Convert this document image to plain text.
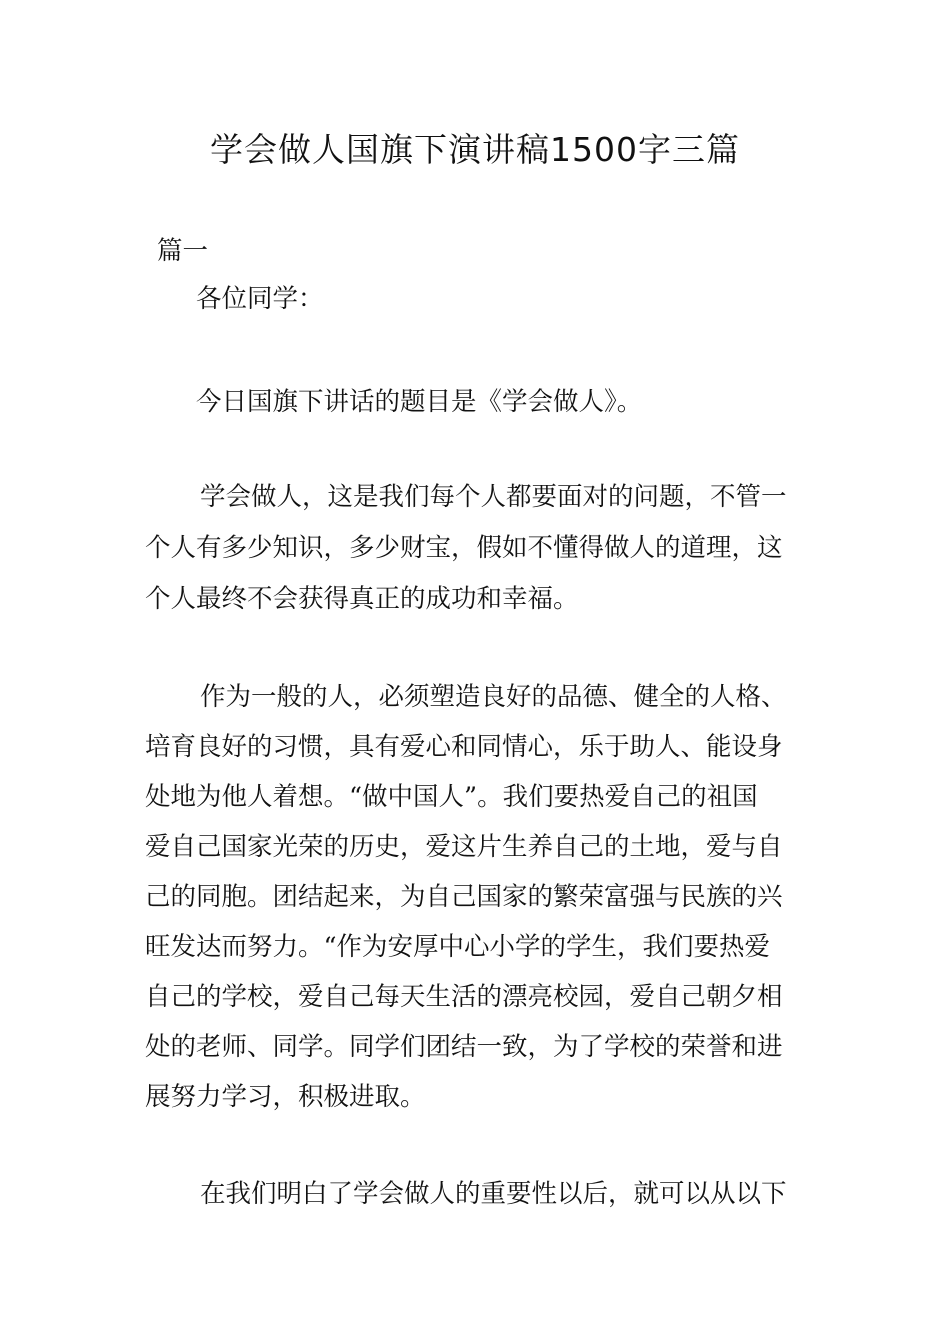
学会做人国旗下演讲稿1500字三篇
篇一
各位同学：
今日国旗下讲话的题目是《学会做人》。
学会做人，这是我们每个人都要面对的问题，不管一
个人有多少知识，多少财宝，假如不懂得做人的道理，这
个人最终不会获得真正的成功和幸福。
作为一般的人，必须塑造良好的品德、健全的人格、
培育良好的习惯，具有爱心和同情心，乐于助人、能设身
处地为他人着想。“做中国人”。我们要热爱自己的祖国
爱自己国家光荣的历史，爱这片生养自己的土地，爱与自
己的同胞。团结起来，为自己国家的繁荣富强与民族的兴
旺发达而努力。“作为安厚中心小学的学生，我们要热爱
自己的学校，爱自己每天生活的漂亮校园，爱自己朝夕相
处的老师、同学。同学们团结一致，为了学校的荣誉和进
展努力学习，积极进取。
在我们明白了学会做人的重要性以后，就可以从以下
